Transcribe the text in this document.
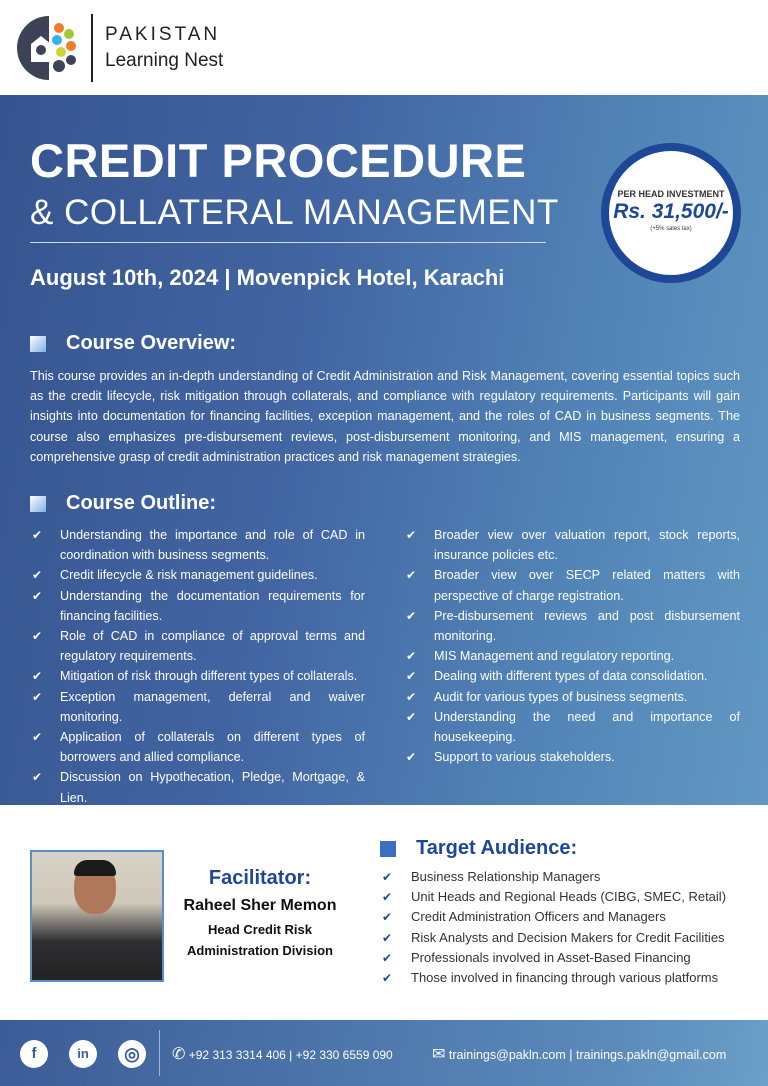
PAKISTAN
Learning Nest
CREDIT PROCEDURE
& COLLATERAL MANAGEMENT
August 10th, 2024 | Movenpick Hotel, Karachi
PER HEAD INVESTMENT
Rs. 31,500/-
(+5% sales tax)
Course Overview:
This course provides an in-depth understanding of Credit Administration and Risk Management, covering essential topics such as the credit lifecycle, risk mitigation through collaterals, and compliance with regulatory requirements. Participants will gain insights into documentation for financing facilities, exception management, and the roles of CAD in business segments. The course also emphasizes pre-disbursement reviews, post-disbursement monitoring, and MIS management, ensuring a comprehensive grasp of credit administration practices and risk management strategies.
Course Outline:
✔ Understanding the importance and role of CAD in coordination with business segments.
✔ Credit lifecycle & risk management guidelines.
✔ Understanding the documentation requirements for financing facilities.
✔ Role of CAD in compliance of approval terms and regulatory requirements.
✔ Mitigation of risk through different types of collaterals.
✔ Exception management, deferral and waiver monitoring.
✔ Application of collaterals on different types of borrowers and allied compliance.
✔ Discussion on Hypothecation, Pledge, Mortgage, & Lien.
✔ Broader view over valuation report, stock reports, insurance policies etc.
✔ Broader view over SECP related matters with perspective of charge registration.
✔ Pre-disbursement reviews and post disbursement monitoring.
✔ MIS Management and regulatory reporting.
✔ Dealing with different types of data consolidation.
✔ Audit for various types of business segments.
✔ Understanding the need and importance of housekeeping.
✔ Support to various stakeholders.
Facilitator:
Raheel Sher Memon
Head Credit Risk
Administration Division
Target Audience:
✔ Business Relationship Managers
✔ Unit Heads and Regional Heads (CIBG, SMEC, Retail)
✔ Credit Administration Officers and Managers
✔ Risk Analysts and Decision Makers for Credit Facilities
✔ Professionals involved in Asset-Based Financing
✔ Those involved in financing through various platforms
f	in	◎	✆ +92 313 3314 406 | +92 330 6559 090 ✉ trainings@pakln.com | trainings.pakln@gmail.com
